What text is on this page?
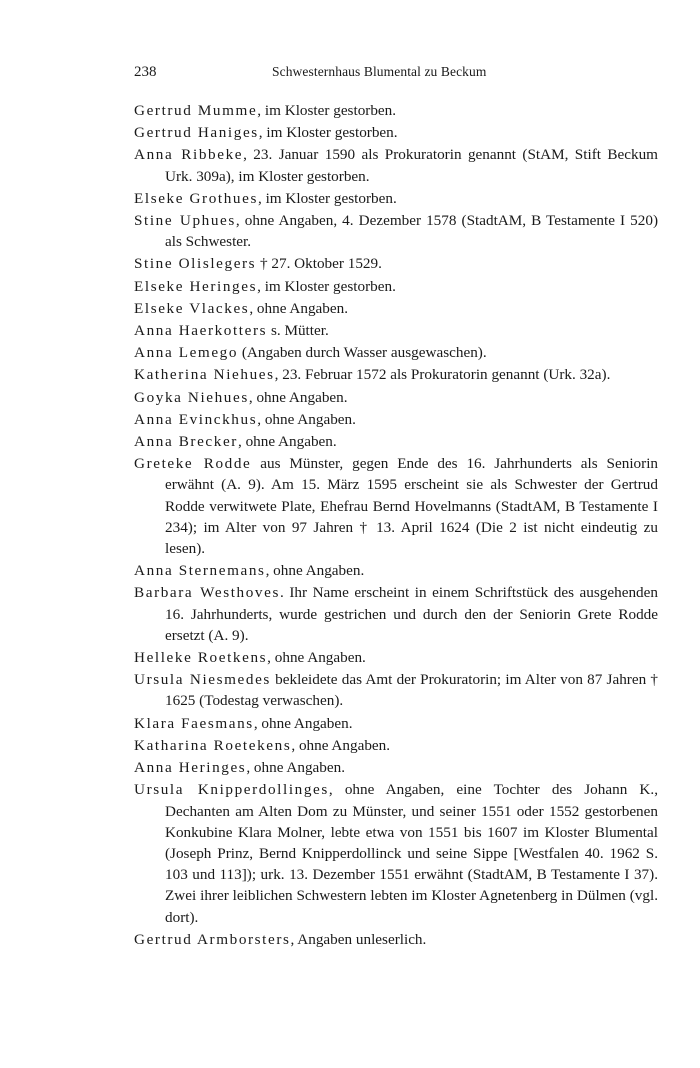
238	Schwesternhaus Blumental zu Beckum

Gertrud Mumme, im Kloster gestorben.

Gertrud Haniges, im Kloster gestorben.

Anna Ribbeke, 23. Januar 1590 als Prokuratorin genannt (StAM, Stift Beckum Urk. 309a), im Kloster gestorben.

Elseke Grothues, im Kloster gestorben.

Stine Uphues, ohne Angaben, 4. Dezember 1578 (StadtAM, B Testamente I 520) als Schwester.

Stine Olislegers † 27. Oktober 1529.

Elseke Heringes, im Kloster gestorben.

Elseke Vlackes, ohne Angaben.

Anna Haerkotters s. Mütter.

Anna Lemego (Angaben durch Wasser ausgewaschen).

Katherina Niehues, 23. Februar 1572 als Prokuratorin genannt (Urk. 32a).

Goyka Niehues, ohne Angaben.

Anna Evinckhus, ohne Angaben.

Anna Brecker, ohne Angaben.

Greteke Rodde aus Münster, gegen Ende des 16. Jahrhunderts als Seniorin erwähnt (A. 9). Am 15. März 1595 erscheint sie als Schwester der Gertrud Rodde verwitwete Plate, Ehefrau Bernd Hovelmanns (StadtAM, B Testamente I 234); im Alter von 97 Jahren † 13. April 1624 (Die 2 ist nicht eindeutig zu lesen).

Anna Sternemans, ohne Angaben.

Barbara Westhoves. Ihr Name erscheint in einem Schriftstück des ausgehenden 16. Jahrhunderts, wurde gestrichen und durch den der Seniorin Grete Rodde ersetzt (A. 9).

Helleke Roetkens, ohne Angaben.

Ursula Niesmedes bekleidete das Amt der Prokuratorin; im Alter von 87 Jahren † 1625 (Todestag verwaschen).

Klara Faesmans, ohne Angaben.

Katharina Roetekens, ohne Angaben.

Anna Heringes, ohne Angaben.

Ursula Knipperdollinges, ohne Angaben, eine Tochter des Johann K., Dechanten am Alten Dom zu Münster, und seiner 1551 oder 1552 gestorbenen Konkubine Klara Molner, lebte etwa von 1551 bis 1607 im Kloster Blumental (Joseph Prinz, Bernd Knipperdollinck und seine Sippe [Westfalen 40. 1962 S. 103 und 113]); urk. 13. Dezember 1551 erwähnt (StadtAM, B Testamente I 37). Zwei ihrer leiblichen Schwestern lebten im Kloster Agnetenberg in Dülmen (vgl. dort).

Gertrud Armborsters, Angaben unleserlich.
